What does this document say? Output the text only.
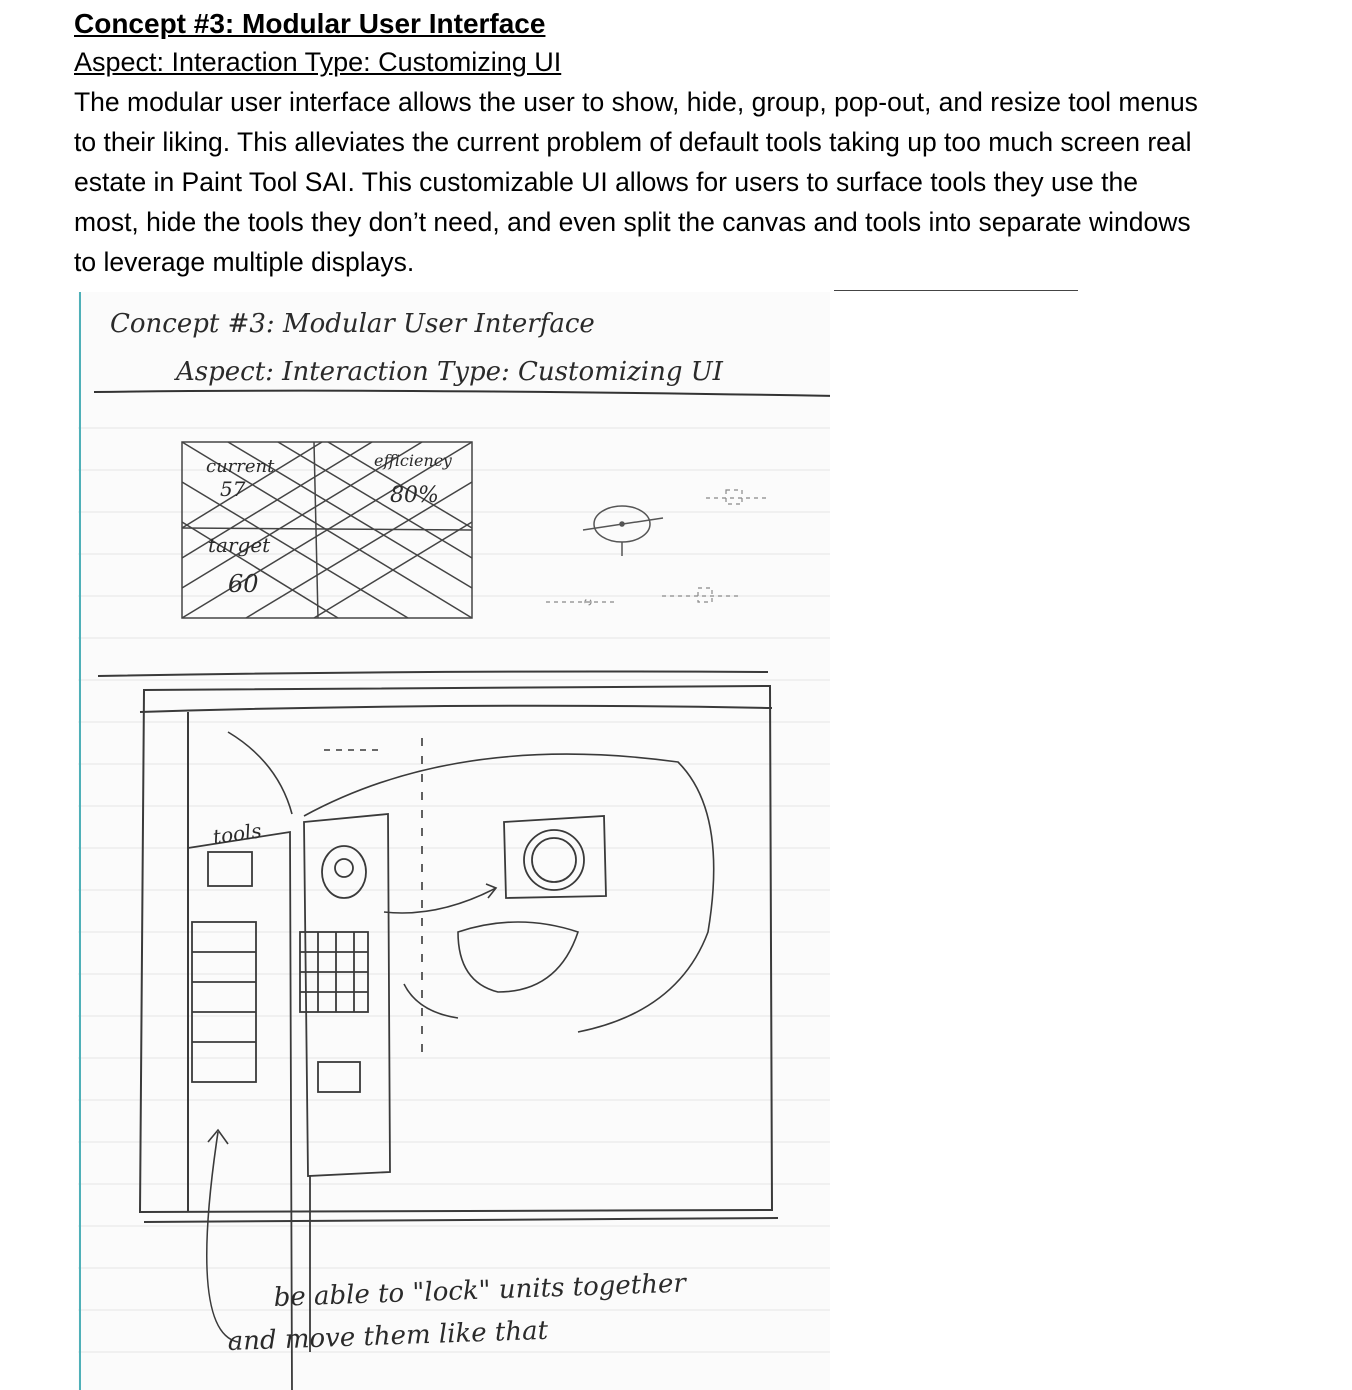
Concept #3: Modular User Interface

Aspect: Interaction Type: Customizing UI

The modular user interface allows the user to show, hide, group, pop-out, and resize tool menus
to their liking. This alleviates the current problem of default tools taking up too much screen real
estate in Paint Tool SAI. This customizable UI allows for users to surface tools they use the
most, hide the tools they don’t need, and even split the canvas and tools into separate windows
to leverage multiple displays.

Concept #3: Modular User Interface
Aspect: Interaction Type: Customizing UI
current
57
efficiency
80%
target
60
tools
be able to "lock" units together
and move them like that
